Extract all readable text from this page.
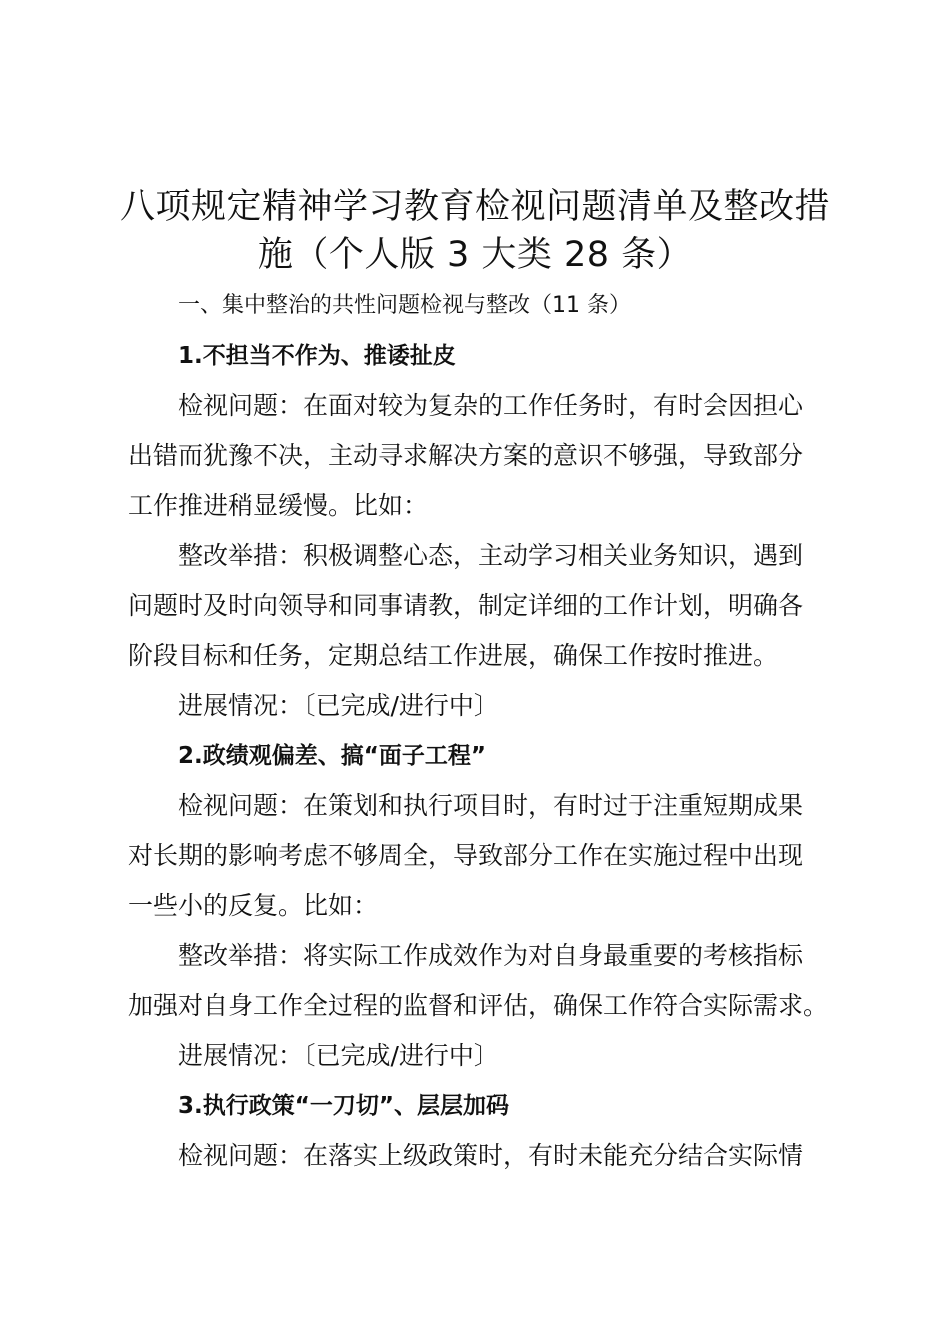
八项规定精神学习教育检视问题清单及整改措
施（个人版 3 大类 28 条）

一、集中整治的共性问题检视与整改（11 条）

1.不担当不作为、推诿扯皮

检视问题：在面对较为复杂的工作任务时，有时会因担心

出错而犹豫不决，主动寻求解决方案的意识不够强，导致部分

工作推进稍显缓慢。比如：

整改举措：积极调整心态，主动学习相关业务知识，遇到

问题时及时向领导和同事请教，制定详细的工作计划，明确各

阶段目标和任务，定期总结工作进展，确保工作按时推进。

进展情况：〔已完成/进行中〕

2.政绩观偏差、搞“面子工程”

检视问题：在策划和执行项目时，有时过于注重短期成果

对长期的影响考虑不够周全，导致部分工作在实施过程中出现

一些小的反复。比如：

整改举措：将实际工作成效作为对自身最重要的考核指标

加强对自身工作全过程的监督和评估，确保工作符合实际需求。

进展情况：〔已完成/进行中〕

3.执行政策“一刀切”、层层加码

检视问题：在落实上级政策时，有时未能充分结合实际情
